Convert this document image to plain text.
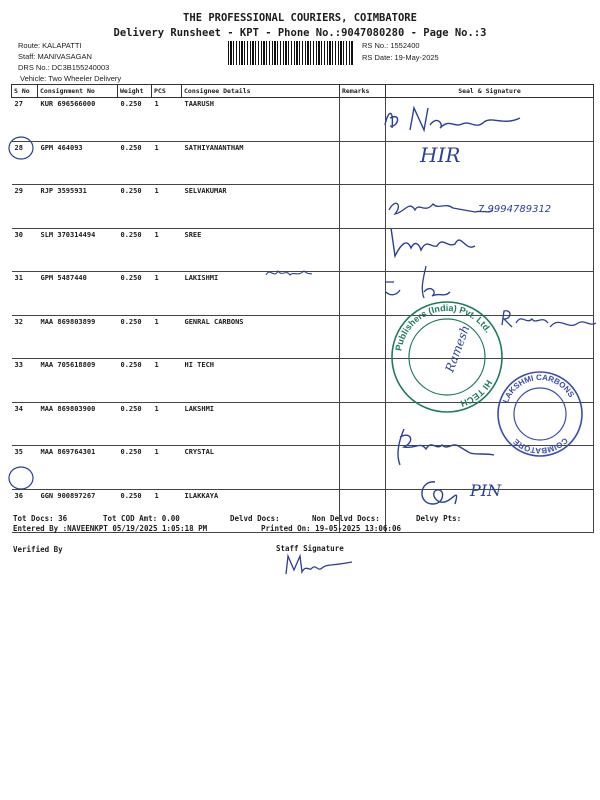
THE PROFESSIONAL COURIERS, COIMBATORE
Delivery Runsheet - KPT - Phone No.:9047080280 - Page No.:3
Route: KALAPATTI
Staff: MANIVASAGAN
DRS No.: DC3B155240003
Vehicle: Two Wheeler Delivery
RS No.: 1552400
RS Date: 19-May-2025
S No	Consignment No	Weight	PCS	Consignee Details	Remarks	Seal & Signature
27	KUR 696566000	0.250	1	TAARUSH		
28	GPM 464093	0.250	1	SATHIYANANTHAM		
29	RJP 3595931	0.250	1	SELVAKUMAR		
30	SLM 370314494	0.250	1	SREE		
31	GPM 5487440	0.250	1	LAKISHMI		
32	MAA 869803899	0.250	1	GENRAL CARBONS		
33	MAA 705618809	0.250	1	HI TECH		
34	MAA 869803900	0.250	1	LAKSHMI		
35	MAA 869764301	0.250	1	CRYSTAL		
36	GGN 900897267	0.250	1	ILAKKAYA		
HIR
7.9994789312
Publishers (India) Pvt. Ltd.
HI TECH
Ramesh
LAKSHMI CARBONS
COIMBATORE
PIN
Tot Docs: 36	Tot COD Amt: 0.00	Delvd Docs:	Non Delvd Docs:	Delvy Pts:
Entered By :NAVEENKPT 05/19/2025 1:05:18 PM	Printed On: 19-05-2025 13:06:06
Verified By	Staff Signature
